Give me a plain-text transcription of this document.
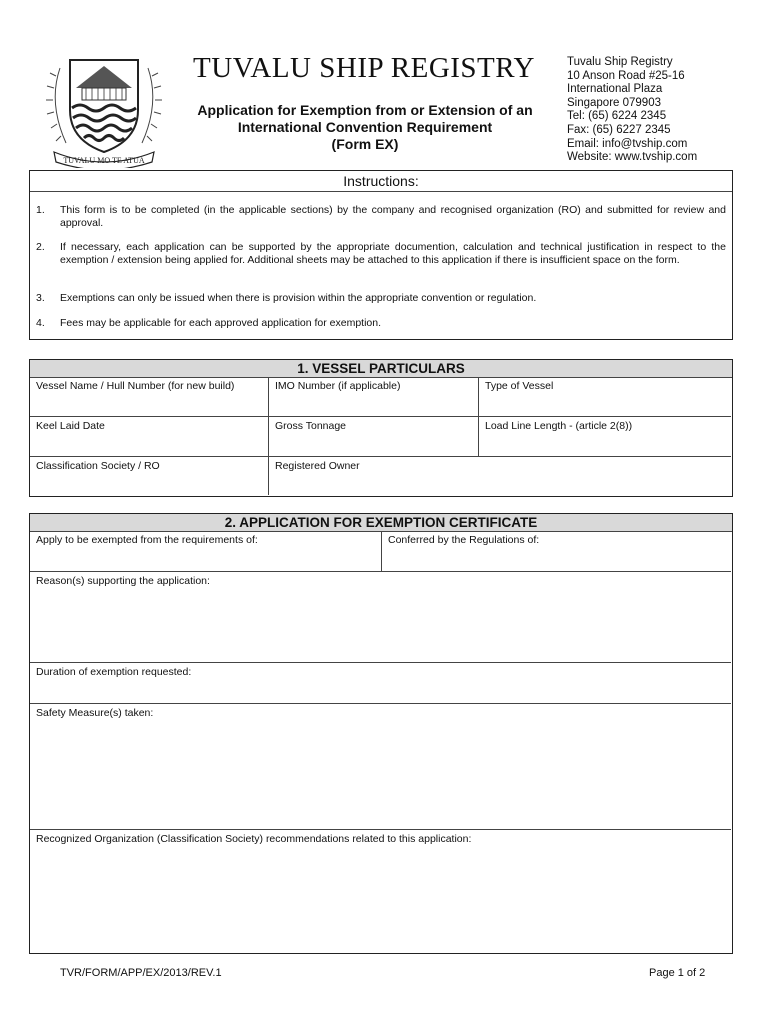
TUVALU MO TE ATUA
TUVALU SHIP REGISTRY
Application for Exemption from or Extension of an
International Convention Requirement
(Form EX)
Tuvalu Ship Registry
10 Anson Road #25-16
International Plaza
Singapore 079903
Tel: (65) 6224 2345
Fax: (65) 6227 2345
Email: info@tvship.com
Website: www.tvship.com
Instructions:
1.	This form is to be completed (in the applicable sections) by the company and recognised organization (RO) and submitted for review and approval.
2.	If necessary, each application can be supported by the appropriate documention, calculation and technical justification in respect to the exemption / extension being applied for. Additional sheets may be attached to this application if there is insufficient space on the form.
3.	Exemptions can only be issued when there is provision within the appropriate convention or regulation.
4.	Fees may be applicable for each approved application for exemption.
1. VESSEL PARTICULARS
Vessel Name / Hull Number (for new build)	IMO Number (if applicable)	Type of Vessel
Keel Laid Date	Gross Tonnage	Load Line Length - (article 2(8))
Classification Society / RO	Registered Owner
2. APPLICATION FOR EXEMPTION CERTIFICATE
Apply to be exempted from the requirements of:	Conferred by the Regulations of:
Reason(s) supporting the application:
Duration of exemption requested:
Safety Measure(s) taken:
Recognized Organization (Classification Society) recommendations related to this application:
TVR/FORM/APP/EX/2013/REV.1	Page 1 of 2
